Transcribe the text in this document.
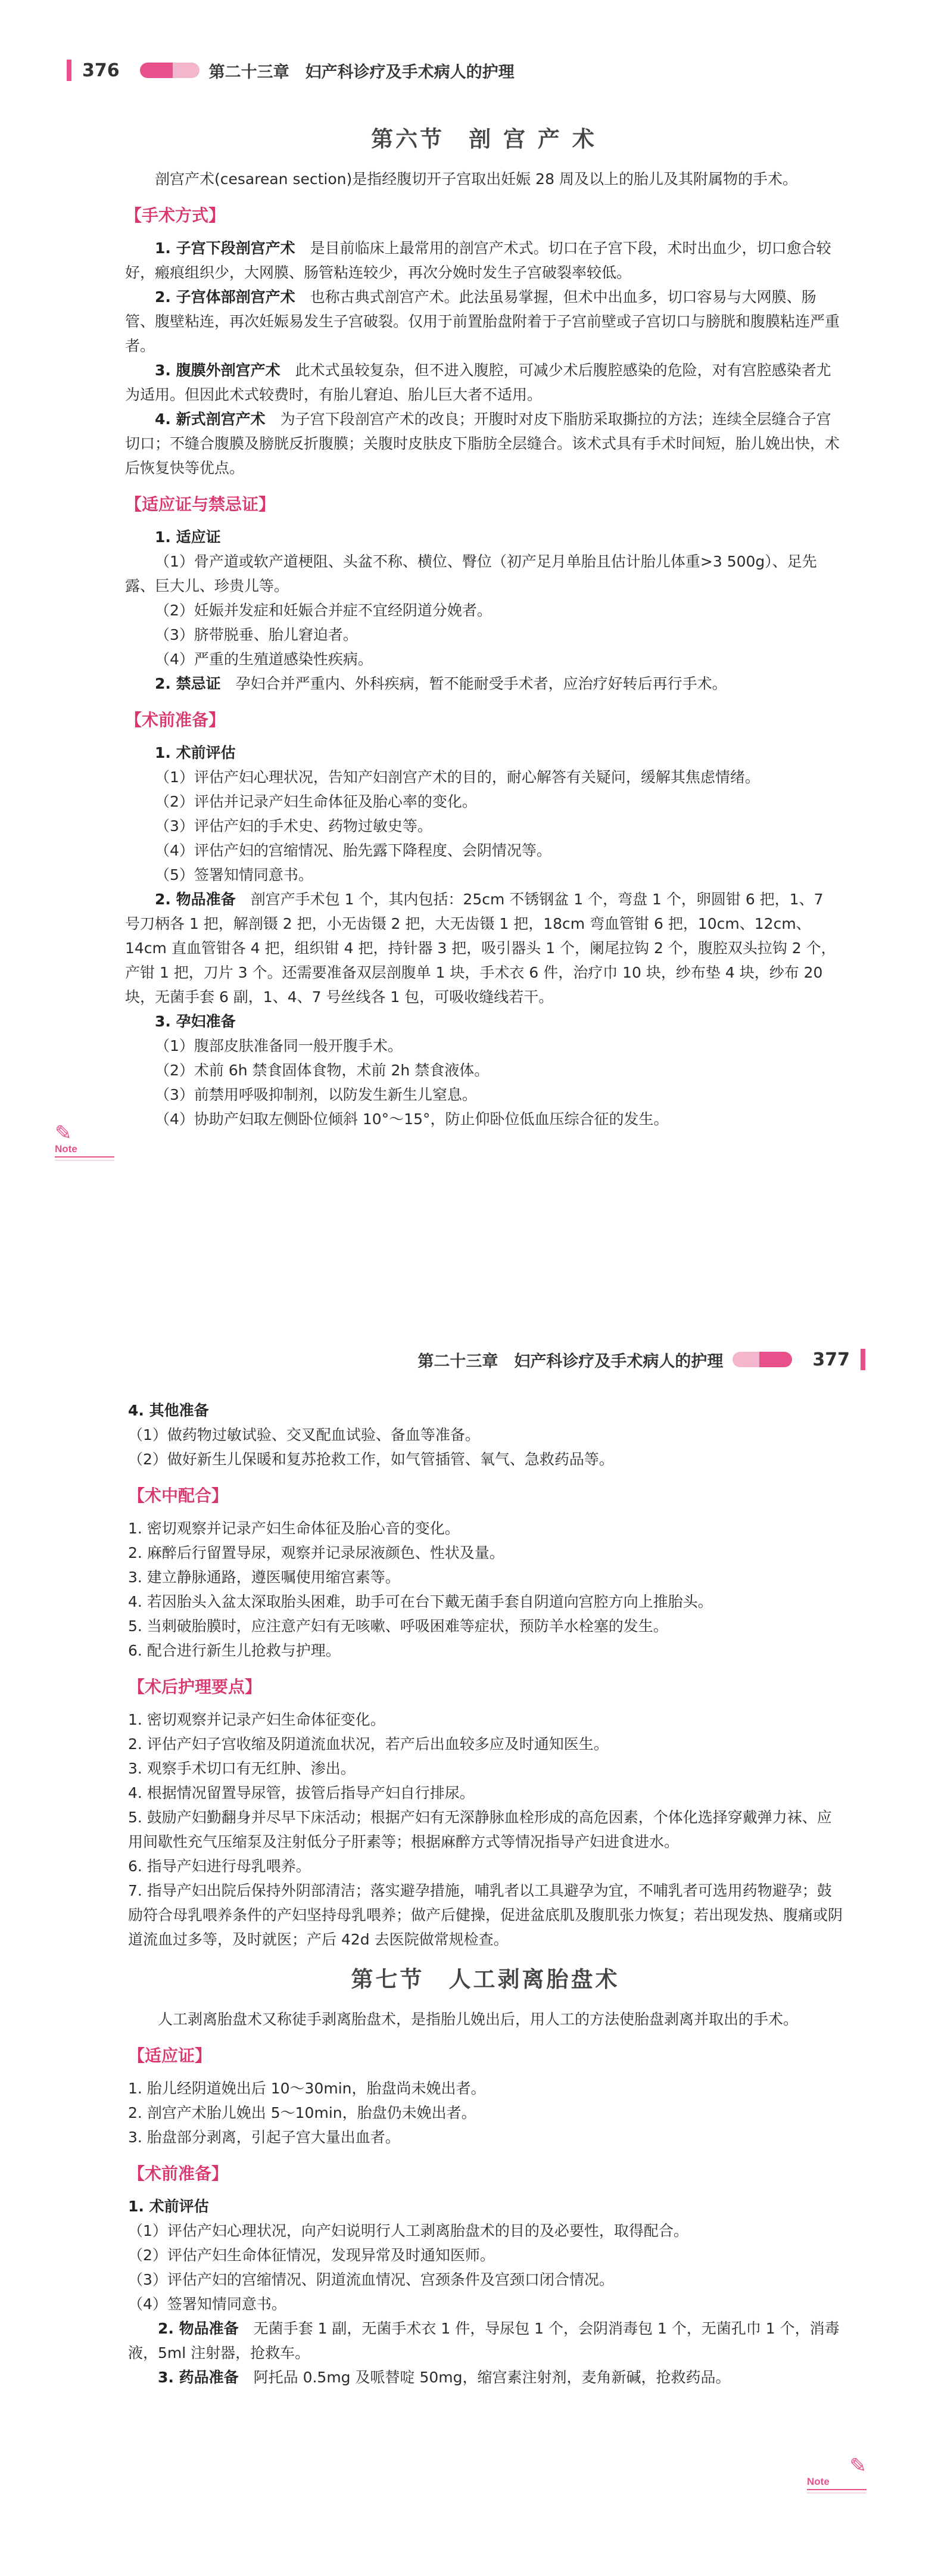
376	第二十三章　妇产科诊疗及手术病人的护理
第六节　剖 宫 产 术

剖宫产术(cesarean section)是指经腹切开子宫取出妊娠 28 周及以上的胎儿及其附属物的手术。

【手术方式】

1. 子宫下段剖宫产术　 是目前临床上最常用的剖宫产术式。切口在子宫下段，术时出血少，切口愈合较好，瘢痕组织少，大网膜、肠管粘连较少，再次分娩时发生子宫破裂率较低。

2. 子宫体部剖宫产术　 也称古典式剖宫产术。此法虽易掌握，但术中出血多，切口容易与大网膜、肠管、腹壁粘连，再次妊娠易发生子宫破裂。仅用于前置胎盘附着于子宫前壁或子宫切口与膀胱和腹膜粘连严重者。

3. 腹膜外剖宫产术　 此术式虽较复杂，但不进入腹腔，可减少术后腹腔感染的危险，对有宫腔感染者尤为适用。但因此术式较费时，有胎儿窘迫、胎儿巨大者不适用。

4. 新式剖宫产术　 为子宫下段剖宫产术的改良；开腹时对皮下脂肪采取撕拉的方法；连续全层缝合子宫切口；不缝合腹膜及膀胱反折腹膜；关腹时皮肤皮下脂肪全层缝合。该术式具有手术时间短，胎儿娩出快，术后恢复快等优点。

【适应证与禁忌证】

1. 适应证

（1）骨产道或软产道梗阻、头盆不称、横位、臀位（初产足月单胎且估计胎儿体重>3 500g）、足先露、巨大儿、珍贵儿等。

（2）妊娠并发症和妊娠合并症不宜经阴道分娩者。

（3）脐带脱垂、胎儿窘迫者。

（4）严重的生殖道感染性疾病。

2. 禁忌证　 孕妇合并严重内、外科疾病，暂不能耐受手术者，应治疗好转后再行手术。

【术前准备】

1. 术前评估

（1）评估产妇心理状况，告知产妇剖宫产术的目的，耐心解答有关疑问，缓解其焦虑情绪。

（2）评估并记录产妇生命体征及胎心率的变化。

（3）评估产妇的手术史、药物过敏史等。

（4）评估产妇的宫缩情况、胎先露下降程度、会阴情况等。

（5）签署知情同意书。

2. 物品准备　 剖宫产手术包 1 个，其内包括：25cm 不锈钢盆 1 个，弯盘 1 个，卵圆钳 6 把，1、7 号刀柄各 1 把，解剖镊 2 把，小无齿镊 2 把，大无齿镊 1 把，18cm 弯血管钳 6 把，10cm、12cm、14cm 直血管钳各 4 把，组织钳 4 把，持针器 3 把，吸引器头 1 个，阑尾拉钩 2 个，腹腔双头拉钩 2 个，产钳 1 把，刀片 3 个。还需要准备双层剖腹单 1 块，手术衣 6 件，治疗巾 10 块，纱布垫 4 块，纱布 20 块，无菌手套 6 副，1、4、7 号丝线各 1 包，可吸收缝线若干。

3. 孕妇准备

（1）腹部皮肤准备同一般开腹手术。

（2）术前 6h 禁食固体食物，术前 2h 禁食液体。

（3）前禁用呼吸抑制剂，以防发生新生儿窒息。

（4）协助产妇取左侧卧位倾斜 10°～15°，防止仰卧位低血压综合征的发生。

✎
Note
第二十三章　妇产科诊疗及手术病人的护理	377

4. 其他准备

（1）做药物过敏试验、交叉配血试验、备血等准备。

（2）做好新生儿保暖和复苏抢救工作，如气管插管、氧气、急救药品等。

【术中配合】

1. 密切观察并记录产妇生命体征及胎心音的变化。

2. 麻醉后行留置导尿，观察并记录尿液颜色、性状及量。

3. 建立静脉通路，遵医嘱使用缩宫素等。

4. 若因胎头入盆太深取胎头困难，助手可在台下戴无菌手套自阴道向宫腔方向上推胎头。

5. 当刺破胎膜时，应注意产妇有无咳嗽、呼吸困难等症状，预防羊水栓塞的发生。

6. 配合进行新生儿抢救与护理。

【术后护理要点】

1. 密切观察并记录产妇生命体征变化。

2. 评估产妇子宫收缩及阴道流血状况，若产后出血较多应及时通知医生。

3. 观察手术切口有无红肿、渗出。

4. 根据情况留置导尿管，拔管后指导产妇自行排尿。

5. 鼓励产妇勤翻身并尽早下床活动；根据产妇有无深静脉血栓形成的高危因素，个体化选择穿戴弹力袜、应用间歇性充气压缩泵及注射低分子肝素等；根据麻醉方式等情况指导产妇进食进水。

6. 指导产妇进行母乳喂养。

7. 指导产妇出院后保持外阴部清洁；落实避孕措施，哺乳者以工具避孕为宜，不哺乳者可选用药物避孕；鼓励符合母乳喂养条件的产妇坚持母乳喂养；做产后健操，促进盆底肌及腹肌张力恢复；若出现发热、腹痛或阴道流血过多等，及时就医；产后 42d 去医院做常规检查。

第七节　人工剥离胎盘术

人工剥离胎盘术又称徒手剥离胎盘术，是指胎儿娩出后，用人工的方法使胎盘剥离并取出的手术。

【适应证】

1. 胎儿经阴道娩出后 10～30min，胎盘尚未娩出者。

2. 剖宫产术胎儿娩出 5～10min，胎盘仍未娩出者。

3. 胎盘部分剥离，引起子宫大量出血者。

【术前准备】

1. 术前评估

（1）评估产妇心理状况，向产妇说明行人工剥离胎盘术的目的及必要性，取得配合。

（2）评估产妇生命体征情况，发现异常及时通知医师。

（3）评估产妇的宫缩情况、阴道流血情况、宫颈条件及宫颈口闭合情况。

（4）签署知情同意书。

2. 物品准备　 无菌手套 1 副，无菌手术衣 1 件，导尿包 1 个，会阴消毒包 1 个，无菌孔巾 1 个，消毒液，5ml 注射器，抢救车。

3. 药品准备　 阿托品 0.5mg 及哌替啶 50mg，缩宫素注射剂，麦角新碱，抢救药品。

✎
Note
